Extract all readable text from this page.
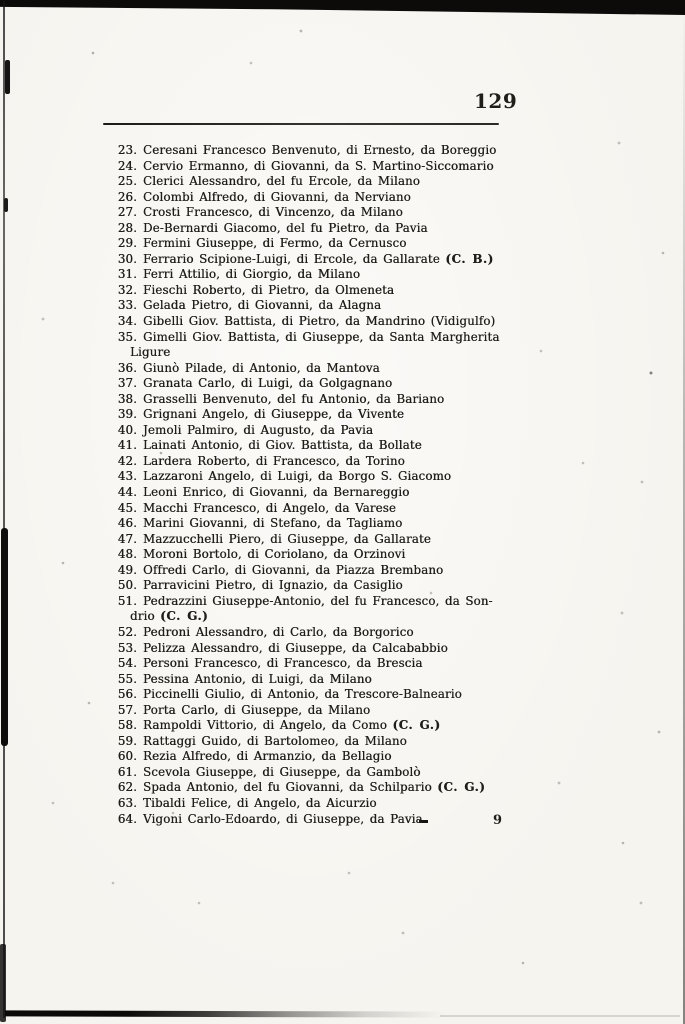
129
23. Ceresani Francesco Benvenuto, di Ernesto, da Boreggio
24. Cervio Ermanno, di Giovanni, da S. Martino-Siccomario
25. Clerici Alessandro, del fu Ercole, da Milano
26. Colombi Alfredo, di Giovanni, da Nerviano
27. Crosti Francesco, di Vincenzo, da Milano
28. De-Bernardi Giacomo, del fu Pietro, da Pavia
29. Fermini Giuseppe, di Fermo, da Cernusco
30. Ferrario Scipione-Luigi, di Ercole, da Gallarate (C. B.)
31. Ferri Attilio, di Giorgio, da Milano
32. Fieschi Roberto, di Pietro, da Olmeneta
33. Gelada Pietro, di Giovanni, da Alagna
34. Gibelli Giov. Battista, di Pietro, da Mandrino (Vidigulfo)
35. Gimelli Giov. Battista, di Giuseppe, da Santa Margherita
Ligure
36. Giunò Pilade, di Antonio, da Mantova
37. Granata Carlo, di Luigi, da Golgagnano
38. Grasselli Benvenuto, del fu Antonio, da Bariano
39. Grignani Angelo, di Giuseppe, da Vivente
40. Jemoli Palmiro, di Augusto, da Pavia
41. Lainati Antonio, di Giov. Battista, da Bollate
42. Lardera Roberto, di Francesco, da Torino
43. Lazzaroni Angelo, di Luigi, da Borgo S. Giacomo
44. Leoni Enrico, di Giovanni, da Bernareggio
45. Macchi Francesco, di Angelo, da Varese
46. Marini Giovanni, di Stefano, da Tagliamo
47. Mazzucchelli Piero, di Giuseppe, da Gallarate
48. Moroni Bortolo, di Coriolano, da Orzinovi
49. Offredi Carlo, di Giovanni, da Piazza Brembano
50. Parravicini Pietro, di Ignazio, da Casiglio
51. Pedrazzini Giuseppe-Antonio, del fu Francesco, da Son-
drio (C. G.)
52. Pedroni Alessandro, di Carlo, da Borgorico
53. Pelizza Alessandro, di Giuseppe, da Calcababbio
54. Personi Francesco, di Francesco, da Brescia
55. Pessina Antonio, di Luigi, da Milano
56. Piccinelli Giulio, di Antonio, da Trescore-Balneario
57. Porta Carlo, di Giuseppe, da Milano
58. Rampoldi Vittorio, di Angelo, da Como (C. G.)
59. Rattaggi Guido, di Bartolomeo, da Milano
60. Rezia Alfredo, di Armanzio, da Bellagio
61. Scevola Giuseppe, di Giuseppe, da Gambolò
62. Spada Antonio, del fu Giovanni, da Schilpario (C. G.)
63. Tibaldi Felice, di Angelo, da Aicurzio
64. Vigoni Carlo-Edoardo, di Giuseppe, da Pavia	9
